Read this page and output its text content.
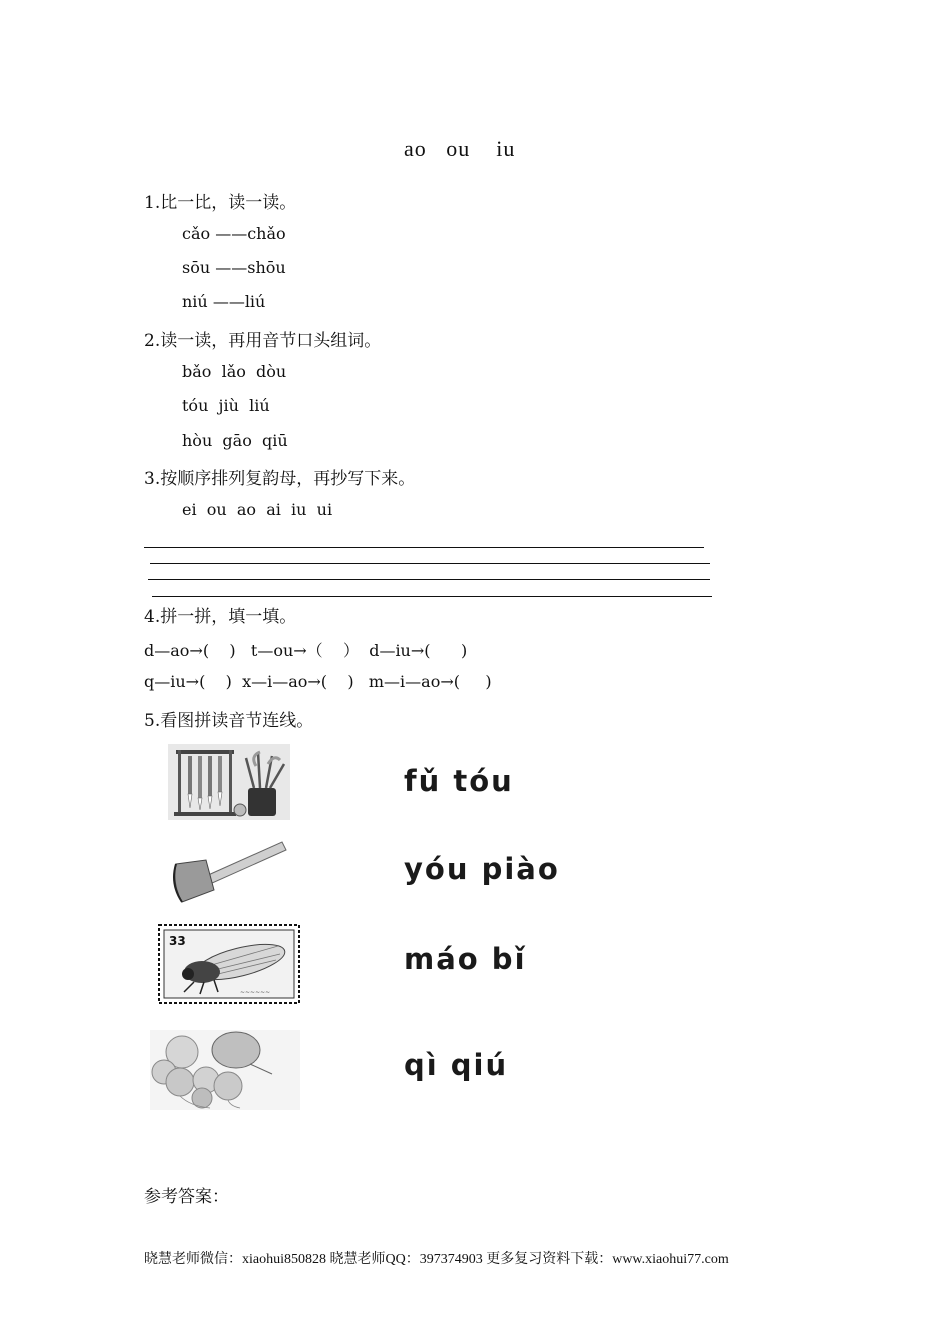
ao   ou    iu
1.比一比，读一读。
cǎo ——chǎo
sōu ——shōu
niú ——liú
2.读一读，再用音节口头组词。
bǎo  lǎo  dòu
tóu  jiù  liú
hòu  gāo  qiū
3.按顺序排列复韵母，再抄写下来。
ei  ou  ao  ai  iu  ui
4.拼一拼，填一填。
d—ao→(    )   t—ou→（    ）  d—iu→(      )
q—iu→(    )  x—i—ao→(    )   m—i—ao→(     )
5.看图拼读音节连线。
fǔ tóu
yóu piào
33
~~~~~~
máo bǐ
qì qiú
参考答案：
晓慧老师微信：xiaohui850828 晓慧老师QQ：397374903 更多复习资料下载：www.xiaohui77.com
